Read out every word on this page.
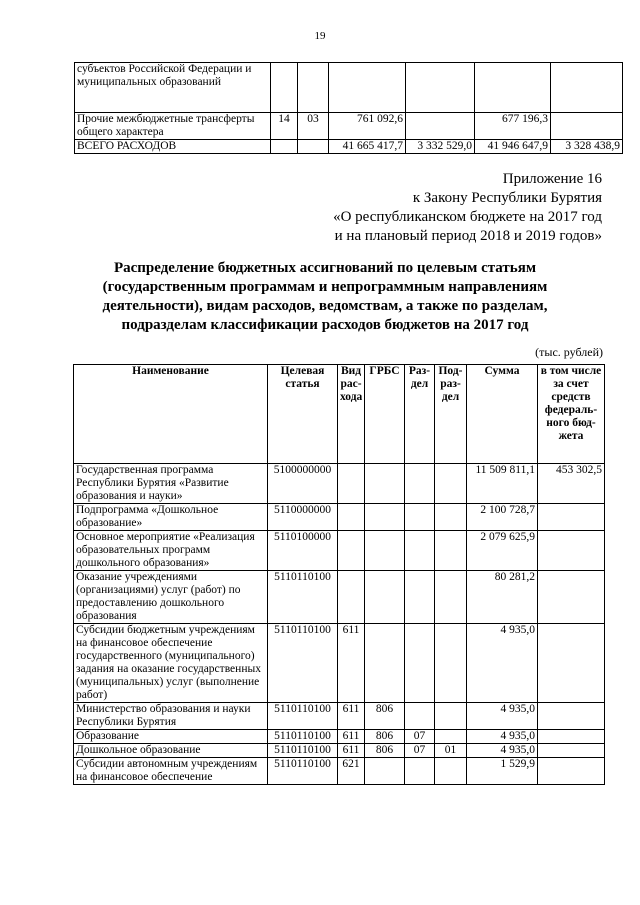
19
субъектов Российской Федерации и муниципальных образований						
Прочие межбюджетные трансферты общего характера	14	03	761 092,6		677 196,3	
ВСЕГО РАСХОДОВ			41 665 417,7	3 332 529,0	41 946 647,9	3 328 438,9
Приложение 16
к Закону Республики Бурятия
«О республиканском бюджете на 2017 год
и на плановый период 2018 и 2019 годов»
Распределение бюджетных ассигнований по целевым статьям (государственным программам и непрограммным направлениям деятельности), видам расходов, ведомствам, а также по разделам, подразделам классификации расходов бюджетов на 2017 год
(тыс. рублей)
Наименование	Целевая статья	Вид рас-хода	ГРБС	Раз-дел	Под-раз-дел	Сумма	в том числе за счет средств федераль-ного бюд-жета
Государственная программа Республики Бурятия «Развитие образования и науки»	5100000000					11 509 811,1	453 302,5
Подпрограмма «Дошкольное образование»	5110000000					2 100 728,7	
Основное мероприятие «Реализация образовательных программ дошкольного образования»	5110100000					2 079 625,9	
Оказание учреждениями (организациями) услуг (работ) по предоставлению дошкольного образования	5110110100					80 281,2	
Субсидии бюджетным учреждениям на финансовое обеспечение государственного (муниципального) задания на оказание государственных (муниципальных) услуг (выполнение работ)	5110110100	611				4 935,0	
Министерство образования и науки Республики Бурятия	5110110100	611	806			4 935,0	
Образование	5110110100	611	806	07		4 935,0	
Дошкольное образование	5110110100	611	806	07	01	4 935,0	
Субсидии автономным учреждениям на финансовое обеспечение	5110110100	621				1 529,9	
